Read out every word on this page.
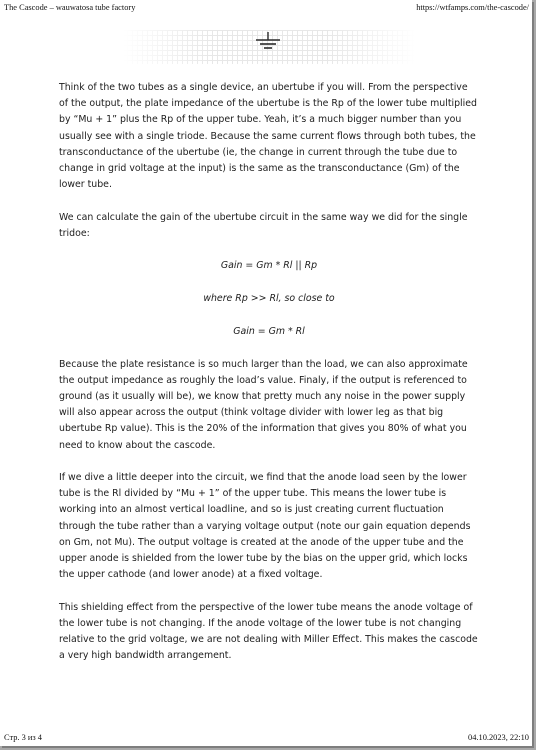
The Cascode – wauwatosa tube factory	https://wtfamps.com/the-cascode/

Think of the two tubes as a single device, an ubertube if you will. From the perspective of the output, the plate impedance of the ubertube is the Rp of the lower tube multiplied by “Mu + 1” plus the Rp of the upper tube. Yeah, it’s a much bigger number than you usually see with a single triode. Because the same current flows through both tubes, the transconductance of the ubertube (ie, the change in current through the tube due to change in grid voltage at the input) is the same as the transconductance (Gm) of the lower tube.

We can calculate the gain of the ubertube circuit in the same way we did for the single tridoe:

Gain = Gm * Rl || Rp

where Rp >> Rl, so close to

Gain = Gm * Rl

Because the plate resistance is so much larger than the load, we can also approximate the output impedance as roughly the load’s value. Finaly, if the output is referenced to ground (as it usually will be), we know that pretty much any noise in the power supply will also appear across the output (think voltage divider with lower leg as that big ubertube Rp value). This is the 20% of the information that gives you 80% of what you need to know about the cascode.

If we dive a little deeper into the circuit, we find that the anode load seen by the lower tube is the Rl divided by “Mu + 1” of the upper tube. This means the lower tube is working into an almost vertical loadline, and so is just creating current fluctuation through the tube rather than a varying voltage output (note our gain equation depends on Gm, not Mu). The output voltage is created at the anode of the upper tube and the upper anode is shielded from the lower tube by the bias on the upper grid, which locks the upper cathode (and lower anode) at a fixed voltage.

This shielding effect from the perspective of the lower tube means the anode voltage of the lower tube is not changing. If the anode voltage of the lower tube is not changing relative to the grid voltage, we are not dealing with Miller Effect. This makes the cascode a very high bandwidth arrangement.

Стр. 3 из 4	04.10.2023, 22:10
